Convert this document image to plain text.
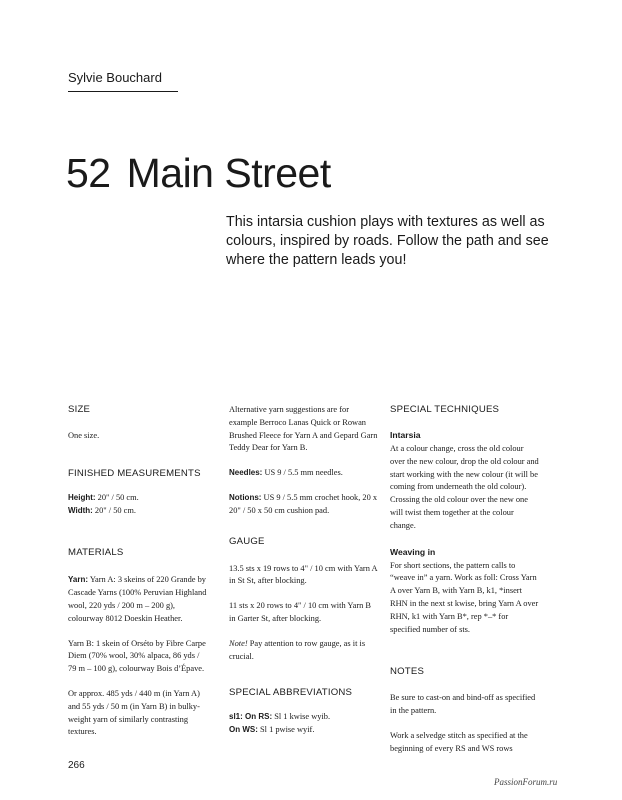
Sylvie Bouchard
52 Main Street
This intarsia cushion plays with textures as well as colours, inspired by roads. Follow the path and see where the pattern leads you!
SIZE

One size.

FINISHED MEASUREMENTS

Height: 20" / 50 cm.

Width: 20" / 50 cm.

MATERIALS

Yarn: Yarn A: 3 skeins of 220 Grande by Cascade Yarns (100% Peruvian Highland wool, 220 yds / 200 m – 200 g), colourway 8012 Doeskin Heather.

Yarn B: 1 skein of Orséto by Fibre Carpe Diem (70% wool, 30% alpaca, 86 yds / 79 m – 100 g), colourway Bois d’Épave.

Or approx. 485 yds / 440 m (in Yarn A) and 55 yds / 50 m (in Yarn B) in bulky-weight yarn of similarly contrasting textures.

Alternative yarn suggestions are for example Berroco Lanas Quick or Rowan Brushed Fleece for Yarn A and Gepard Garn Teddy Dear for Yarn B.

Needles: US 9 / 5.5 mm needles.

Notions: US 9 / 5.5 mm crochet hook, 20 x 20" / 50 x 50 cm cushion pad.

GAUGE

13.5 sts x 19 rows to 4" / 10 cm with Yarn A in St St, after blocking.

11 sts x 20 rows to 4" / 10 cm with Yarn B in Garter St, after blocking.

Note! Pay attention to row gauge, as it is crucial.

SPECIAL ABBREVIATIONS

sl1: On RS: Sl 1 kwise wyib.

On WS: Sl 1 pwise wyif.

SPECIAL TECHNIQUES
Intarsia

At a colour change, cross the old colour over the new colour, drop the old colour and start working with the new colour (it will be coming from underneath the old colour). Crossing the old colour over the new one will twist them together at the colour change.

Weaving in

For short sections, the pattern calls to “weave in” a yarn. Work as foll: Cross Yarn A over Yarn B, with Yarn B, k1, *insert RHN in the next st kwise, bring Yarn A over RHN, k1 with Yarn B*, rep *–* for specified number of sts.

NOTES

Be sure to cast-on and bind-off as specified in the pattern.

Work a selvedge stitch as specified at the beginning of every RS and WS rows

266
PassionForum.ru
